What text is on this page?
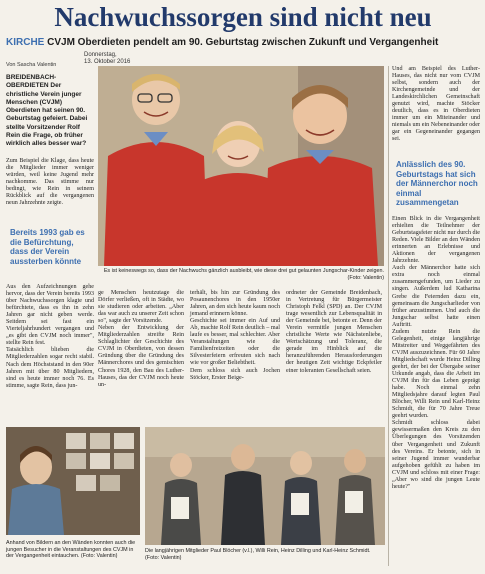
Nachwuchssorgen sind nicht neu
KIRCHE CVJM Oberdieten pendelt am 90. Geburtstag zwischen Zukunft und Vergangenheit
Donnerstag,
13. Oktober 2016
Von Sascha Valentin
BREIDENBACH-OBERDIETEN Der christliche Verein junger Menschen (CVJM) Oberdieten hat seinen 90. Geburtstag gefeiert. Dabei stellte Vorsitzender Rolf Rein die Frage, ob früher wirklich alles besser war?
Zum Beispiel die Klage, dass heute die Mitglieder immer weniger würden, weil keine Jugend mehr nachkomme. Das stimme nur bedingt, wie Rein in seinem Rückblick auf die vergangenen neun Jahrzehnte zeigte.
Bereits 1993 gab es die Befürchtung, dass der Verein aussterben könnte
Aus den Aufzeichnungen gehe hervor, dass der Verein bereits 1993 über Nachwuchssorgen klagte und befürchtete, dass es ihn in zehn Jahren gar nicht geben werde. Seitdem sei fast ein Vierteljahrhundert vergangen und „es gibt den CVJM noch immer", stellte Rein fest.
Tatsächlich blieben die Mitgliederzahlen sogar recht stabil. Nach dem Höchststand in den 90er Jahren mit über 80 Mitgliedern, sind es heute immer noch 76. Es stimme, sagte Rein, dass jun-
Es ist keineswegs so, dass der Nachwuchs gänzlich ausbleibt, wie diese drei gut gelaunten Jungschar-Kinder zeigen. (Foto: Valentin)
ge Menschen heutzutage die Dörfer verließen, oft in Städte, wo sie studieren oder arbeiten. „Aber das war auch zu unserer Zeit schon so", sagte der Vorsitzende.
Neben der Entwicklung der Mitgliederzahlen streifte Rein Schlaglichter der Geschichte des CVJM in Oberdieten, von dessen Gründung über die Gründung des Männerchores und des gemischten Chores 1928, den Bau des Luther-Hauses, das der CVJM noch heute un-
terhält, bis hin zur Gründung des Posaunenchores in den 1950er Jahren, an den sich heute kaum noch jemand erinnern könne.
Geschichte sei immer ein Auf und Ab, machte Rolf Rein deutlich – mal laufe es besser, mal schlechter. Aber Veranstaltungen wie die Familienfreizeiten oder die Silvesterfeiern erfreuten sich nach wie vor großer Beliebtheit.
Dem schloss sich auch Jochen Stöcker, Erster Beige-
ordneter der Gemeinde Breidenbach, in Vertretung für Bürgermeister Christoph Felkl (SPD) an. Der CVJM trage wesentlich zur Lebensqualität in der Gemeinde bei, betonte er. Denn der Verein vermittle jungen Menschen christliche Werte wie Nächstenliebe, Wertschätzung und Toleranz, die gerade im Hinblick auf die heranzuführenden Herausforderungen der heutigen Zeit wichtige Eckpfeiler einer toleranten Gesellschaft seien.
Und am Beispiel des Luther-Hauses, das nicht nur vom CVJM selbst, sondern auch der Kirchengemeinde und der Landeskirchlichen Gemeinschaft genutzt wird, machte Stöcker deutlich, dass es in Oberdieten immer um ein Miteinander und niemals um ein Nebeneinander oder gar ein Gegeneinander gegangen sei.
Anlässlich des 90. Geburtstags hat sich der Männerchor noch einmal zusammengetan
Einen Blick in die Vergangenheit erhielten die Teilnehmer der Geburtstagsfeier nicht nur durch die Reden. Viele Bilder an den Wänden erinnerten an Erlebnisse und Aktionen der vergangenen Jahrzehnte.
Auch der Männerchor hatte sich extra noch einmal zusammengefunden, um Lieder zu singen. Außerdem lud Katharina Grebe die Feiernden dazu ein, gemeinsam die Jungscharlieder von früher anzustimmen. Und auch die Jungschar selbst hatte einen Auftritt.
Zudem nutzte Rein die Gelegenheit, einige langjährige Mitstreiter und Weggefährten des CVJM auszuzeichnen. Für 60 Jahre Mitgliedschaft wurde Heinz Dilling geehrt, der bei der Übergabe seiner Urkunde angab, dass die Arbeit im CVJM ihn für das Leben geprägt habe. Noch einmal zehn Mitgliedsjahre darauf legten Paul Blöcher, Willi Rein und Karl-Heinz Schmidt, die für 70 Jahre Treue geehrt wurden.
Schmidt schloss dabei gewissermaßen den Kreis zu den Überlegungen des Vorsitzenden über Vergangenheit und Zukunft des Vereins. Er betonte, sich in seiner Jugend immer wunderbar aufgehoben gefühlt zu haben im CVJM und schloss mit einer Frage: „Aber wo sind die jungen Leute heute?"
Anhand von Bildern an den Wänden konnten auch die jungen Besucher in die Veranstaltungen des CVJM in der Vergangenheit eintauchen. (Foto: Valentin)
Die langjährigen Mitglieder Paul Blöcher (v.l.), Willi Rein, Heinz Dilling und Karl-Heinz Schmidt. (Foto: Valentin)
